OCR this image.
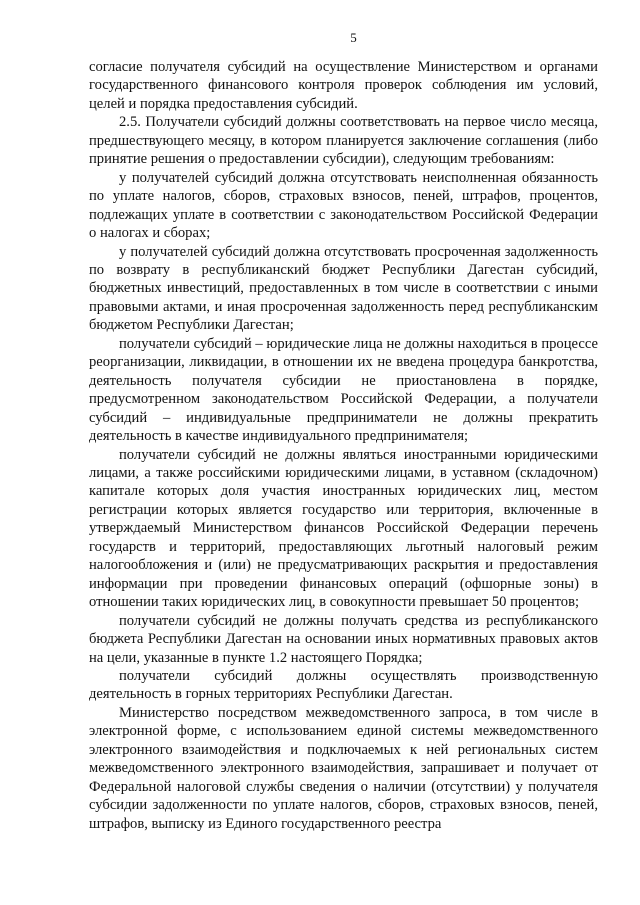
5

согласие получателя субсидий на осуществление Министерством и органами государственного финансового контроля проверок соблюдения им условий, целей и порядка предоставления субсидий.

2.5. Получатели субсидий должны соответствовать на первое число месяца, предшествующего месяцу, в котором планируется заключение соглашения (либо принятие решения о предоставлении субсидии), следующим требованиям:

у получателей субсидий должна отсутствовать неисполненная обязанность по уплате налогов, сборов, страховых взносов, пеней, штрафов, процентов, подлежащих уплате в соответствии с законодательством Российской Федерации о налогах и сборах;

у получателей субсидий должна отсутствовать просроченная задолженность по возврату в республиканский бюджет Республики Дагестан субсидий, бюджетных инвестиций, предоставленных в том числе в соответствии с иными правовыми актами, и иная просроченная задолженность перед республиканским бюджетом Республики Дагестан;

получатели субсидий – юридические лица не должны находиться в процессе реорганизации, ликвидации, в отношении их не введена процедура банкротства, деятельность получателя субсидии не приостановлена в порядке, предусмотренном законодательством Российской Федерации, а получатели субсидий – индивидуальные предприниматели не должны прекратить деятельность в качестве индивидуального предпринимателя;

получатели субсидий не должны являться иностранными юридическими лицами, а также российскими юридическими лицами, в уставном (складочном) капитале которых доля участия иностранных юридических лиц, местом регистрации которых является государство или территория, включенные в утверждаемый Министерством финансов Российской Федерации перечень государств и территорий, предоставляющих льготный налоговый режим налогообложения и (или) не предусматривающих раскрытия и предоставления информации при проведении финансовых операций (офшорные зоны) в отношении таких юридических лиц, в совокупности превышает 50 процентов;

получатели субсидий не должны получать средства из республиканского бюджета Республики Дагестан на основании иных нормативных правовых актов на цели, указанные в пункте 1.2 настоящего Порядка;

получатели субсидий должны осуществлять производственную деятельность в горных территориях Республики Дагестан.

Министерство посредством межведомственного запроса, в том числе в электронной форме, с использованием единой системы межведомственного электронного взаимодействия и подключаемых к ней региональных систем межведомственного электронного взаимодействия, запрашивает и получает от Федеральной налоговой службы сведения о наличии (отсутствии) у получателя субсидии задолженности по уплате налогов, сборов, страховых взносов, пеней, штрафов, выписку из Единого государственного реестра
